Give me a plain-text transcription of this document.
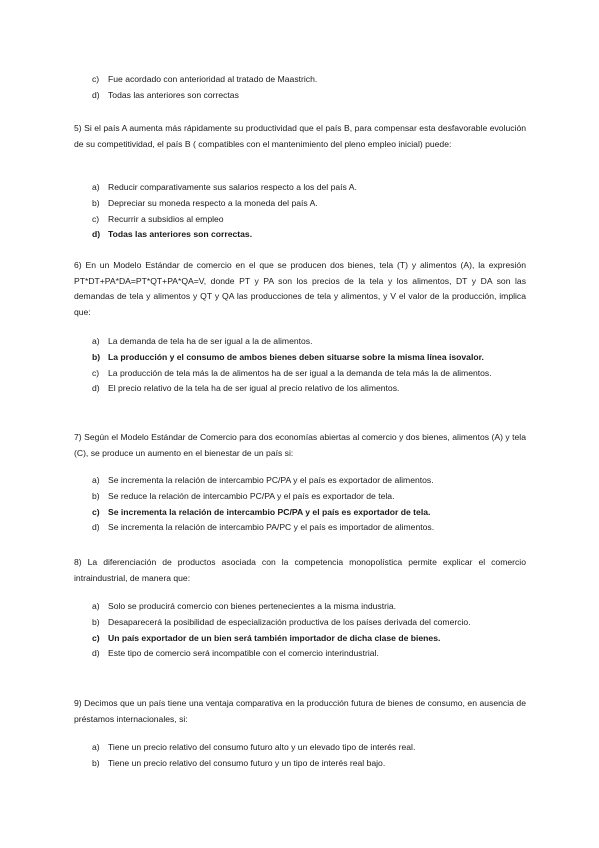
c) Fue acordado con anterioridad al tratado de Maastrich.
d) Todas las anteriores son correctas

5) Si el país A aumenta más rápidamente su productividad que el país B, para compensar esta desfavorable evolución de su competitividad, el país B ( compatibles con el mantenimiento del pleno empleo inicial) puede:

a) Reducir comparativamente sus salarios respecto a los del país A.
b) Depreciar su moneda respecto a la moneda del país A.
c) Recurrir a subsidios al empleo
d) Todas las anteriores son correctas.

6) En un Modelo Estándar de comercio en el que se producen dos bienes, tela (T) y alimentos (A), la expresión PT*DT+PA*DA=PT*QT+PA*QA=V, donde PT y PA son los precios de la tela y los alimentos, DT y DA son las demandas de tela y alimentos y QT y QA las producciones de tela y alimentos, y V el valor de la producción, implica que:

a) La demanda de tela ha de ser igual a la de alimentos.
b) La producción y el consumo de ambos bienes deben situarse sobre la misma línea isovalor.
c) La producción de tela más la de alimentos ha de ser igual a la demanda de tela más la de alimentos.
d) El precio relativo de la tela ha de ser igual al precio relativo de los alimentos.

7) Según el Modelo Estándar de Comercio para dos economías abiertas al comercio y dos bienes, alimentos (A) y tela (C), se produce un aumento en el bienestar de un país si:

a) Se incrementa la relación de intercambio PC/PA y el país es exportador de alimentos.
b) Se reduce la relación de intercambio PC/PA y el país es exportador de tela.
c) Se incrementa la relación de intercambio PC/PA y el país es exportador de tela.
d) Se incrementa la relación de intercambio PA/PC y el país es importador de alimentos.

8) La diferenciación de productos asociada con la competencia monopolística permite explicar el comercio intraindustrial, de manera que:

a) Solo se producirá comercio con bienes pertenecientes a la misma industria.
b) Desaparecerá la posibilidad de especialización productiva de los países derivada del comercio.
c) Un país exportador de un bien será también importador de dicha clase de bienes.
d) Este tipo de comercio será incompatible con el comercio interindustrial.

9) Decimos que un país tiene una ventaja comparativa en la producción futura de bienes de consumo, en ausencia de préstamos internacionales, si:

a) Tiene un precio relativo del consumo futuro alto y un elevado tipo de interés real.
b) Tiene un precio relativo del consumo futuro y un tipo de interés real bajo.
